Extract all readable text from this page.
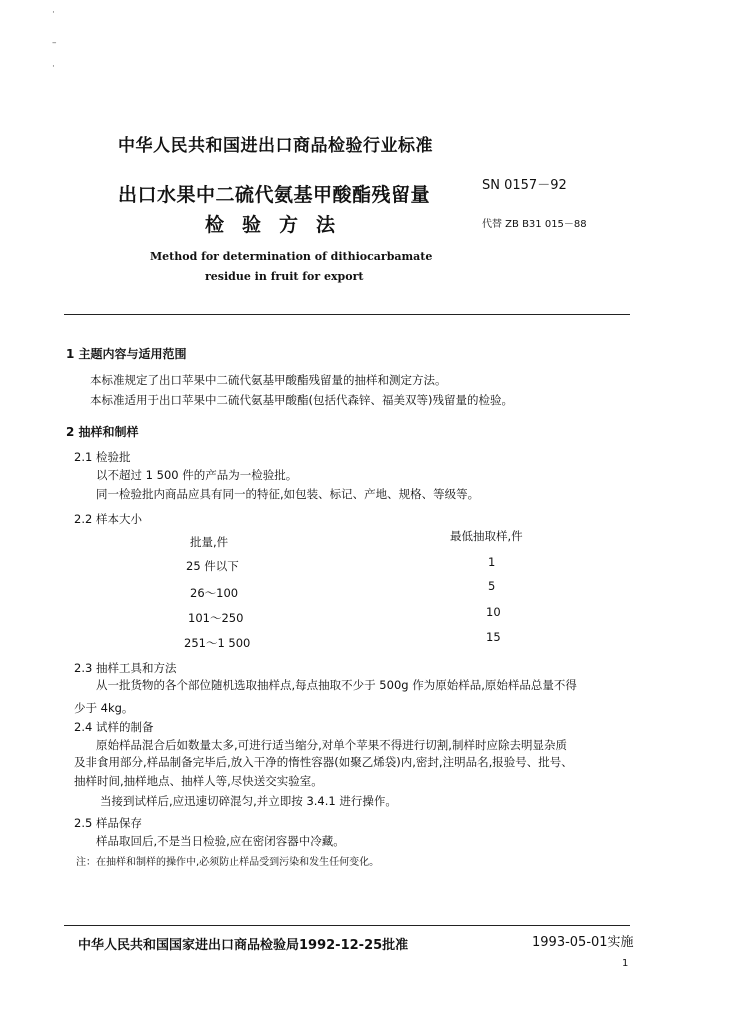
·
–
·
中华人民共和国进出口商品检验行业标准
出口水果中二硫代氨基甲酸酯残留量
检验方法
SN 0157－92
代替 ZB B31 015－88
Method for determination of dithiocarbamate
residue in fruit for export
1 主题内容与适用范围
本标准规定了出口苹果中二硫代氨基甲酸酯残留量的抽样和测定方法。
本标准适用于出口苹果中二硫代氨基甲酸酯(包括代森锌、福美双等)残留量的检验。
2 抽样和制样
2.1 检验批
以不超过 1 500 件的产品为一检验批。
同一检验批内商品应具有同一的特征,如包装、标记、产地、规格、等级等。
2.2 样本大小
批量,件	最低抽取样,件
25 件以下	1
26～100	5
101～250	10
251～1 500	15
2.3 抽样工具和方法
从一批货物的各个部位随机选取抽样点,每点抽取不少于 500g 作为原始样品,原始样品总量不得
少于 4kg。
2.4 试样的制备
原始样品混合后如数量太多,可进行适当缩分,对单个苹果不得进行切割,制样时应除去明显杂质
及非食用部分,样品制备完毕后,放入干净的惰性容器(如聚乙烯袋)内,密封,注明品名,报验号、批号、
抽样时间,抽样地点、抽样人等,尽快送交实验室。
当接到试样后,应迅速切碎混匀,并立即按 3.4.1 进行操作。
2.5 样品保存
样品取回后,不是当日检验,应在密闭容器中冷藏。
注：在抽样和制样的操作中,必须防止样品受到污染和发生任何变化。
中华人民共和国国家进出口商品检验局1992-12-25批准	1993-05-01实施
1
